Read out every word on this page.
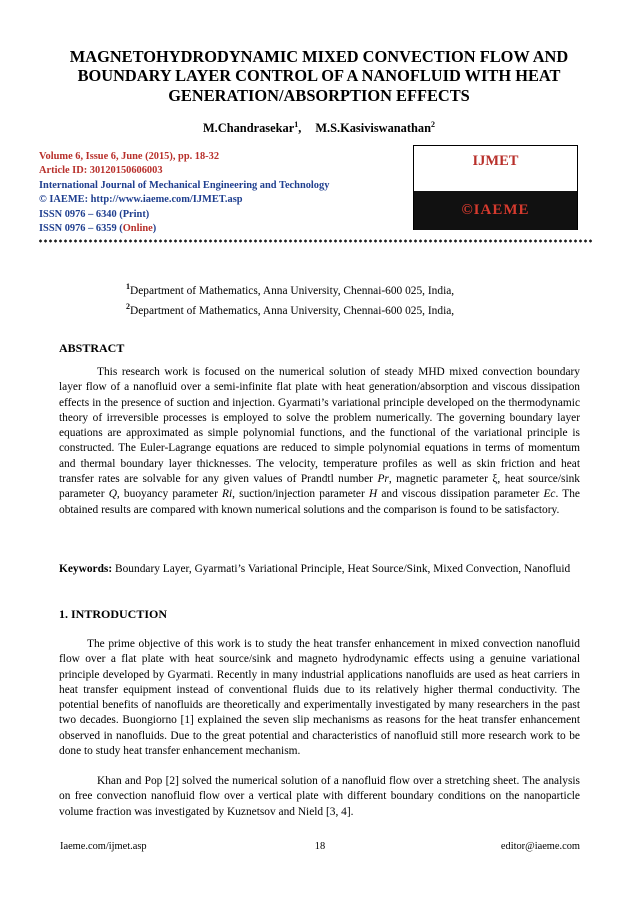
MAGNETOHYDRODYNAMIC MIXED CONVECTION FLOW AND BOUNDARY LAYER CONTROL OF A NANOFLUID WITH HEAT GENERATION/ABSORPTION EFFECTS
M.Chandrasekar$^1$, M.S.Kasiviswanathan$^2$
Volume 6, Issue 6, June (2015), pp. 18-32
Article ID: 30120150606003
International Journal of Mechanical Engineering and Technology
© IAEME: http://www.iaeme.com/IJMET.asp
ISSN 0976 – 6340 (Print)
ISSN 0976 – 6359 (Online)
IJMET
©IAEME
$^1$Department of Mathematics, Anna University, Chennai-600 025, India,
$^2$Department of Mathematics, Anna University, Chennai-600 025, India,
ABSTRACT

This research work is focused on the numerical solution of steady MHD mixed convection boundary layer flow of a nanofluid over a semi-infinite flat plate with heat generation/absorption and viscous dissipation effects in the presence of suction and injection. Gyarmati’s variational principle developed on the thermodynamic theory of irreversible processes is employed to solve the problem numerically. The governing boundary layer equations are approximated as simple polynomial functions, and the functional of the variational principle is constructed. The Euler-Lagrange equations are reduced to simple polynomial equations in terms of momentum and thermal boundary layer thicknesses. The velocity, temperature profiles as well as skin friction and heat transfer rates are solvable for any given values of Prandtl number Pr, magnetic parameter ξ, heat source/sink parameter Q, buoyancy parameter Ri, suction/injection parameter H and viscous dissipation parameter Ec. The obtained results are compared with known numerical solutions and the comparison is found to be satisfactory.

Keywords: Boundary Layer, Gyarmati’s Variational Principle, Heat Source/Sink, Mixed Convection, Nanofluid

1. INTRODUCTION

The prime objective of this work is to study the heat transfer enhancement in mixed convection nanofluid flow over a flat plate with heat source/sink and magneto hydrodynamic effects using a genuine variational principle developed by Gyarmati. Recently in many industrial applications nanofluids are used as heat carriers in heat transfer equipment instead of conventional fluids due to its relatively higher thermal conductivity. The potential benefits of nanofluids are theoretically and experimentally investigated by many researchers in the past two decades. Buongiorno [1] explained the seven slip mechanisms as reasons for the heat transfer enhancement observed in nanofluids. Due to the great potential and characteristics of nanofluid still more research work to be done to study heat transfer enhancement mechanism.

Khan and Pop [2] solved the numerical solution of a nanofluid flow over a stretching sheet. The analysis on free convection nanofluid flow over a vertical plate with different boundary conditions on the nanoparticle volume fraction was investigated by Kuznetsov and Nield [3, 4].

Iaeme.com/ijmet.asp	18	editor@iaeme.com
